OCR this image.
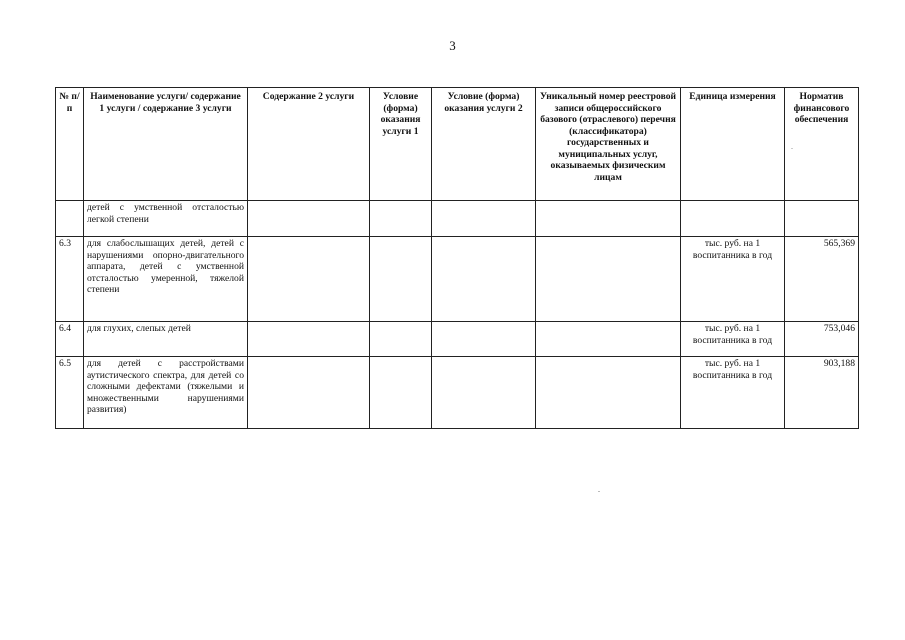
3
№ п/п	Наименование услуги/ содержание 1 услуги / содержание 3 услуги	Содержание 2 услуги	Условие (форма) оказания услуги 1	Условие (форма) оказания услуги 2	Уникальный номер реестровой записи общероссийского базового (отраслевого) перечня (классификатора) государственных и муниципальных услуг, оказываемых физическим лицам	Единица измерения	Норматив финансового обеспечения
	детей с умственной отсталостью легкой степени						
6.3	для слабослышащих детей, детей с нарушениями опорно-двигательного аппарата, детей с умственной отсталостью умеренной, тяжелой степени					тыс. руб. на 1 воспитанника в год	565,369
6.4	для глухих, слепых детей					тыс. руб. на 1 воспитанника в год	753,046
6.5	для детей с расстройствами аутистического спектра, для детей со сложными дефектами (тяжелыми и множественными нарушениями развития)					тыс. руб. на 1 воспитанника в год	903,188
